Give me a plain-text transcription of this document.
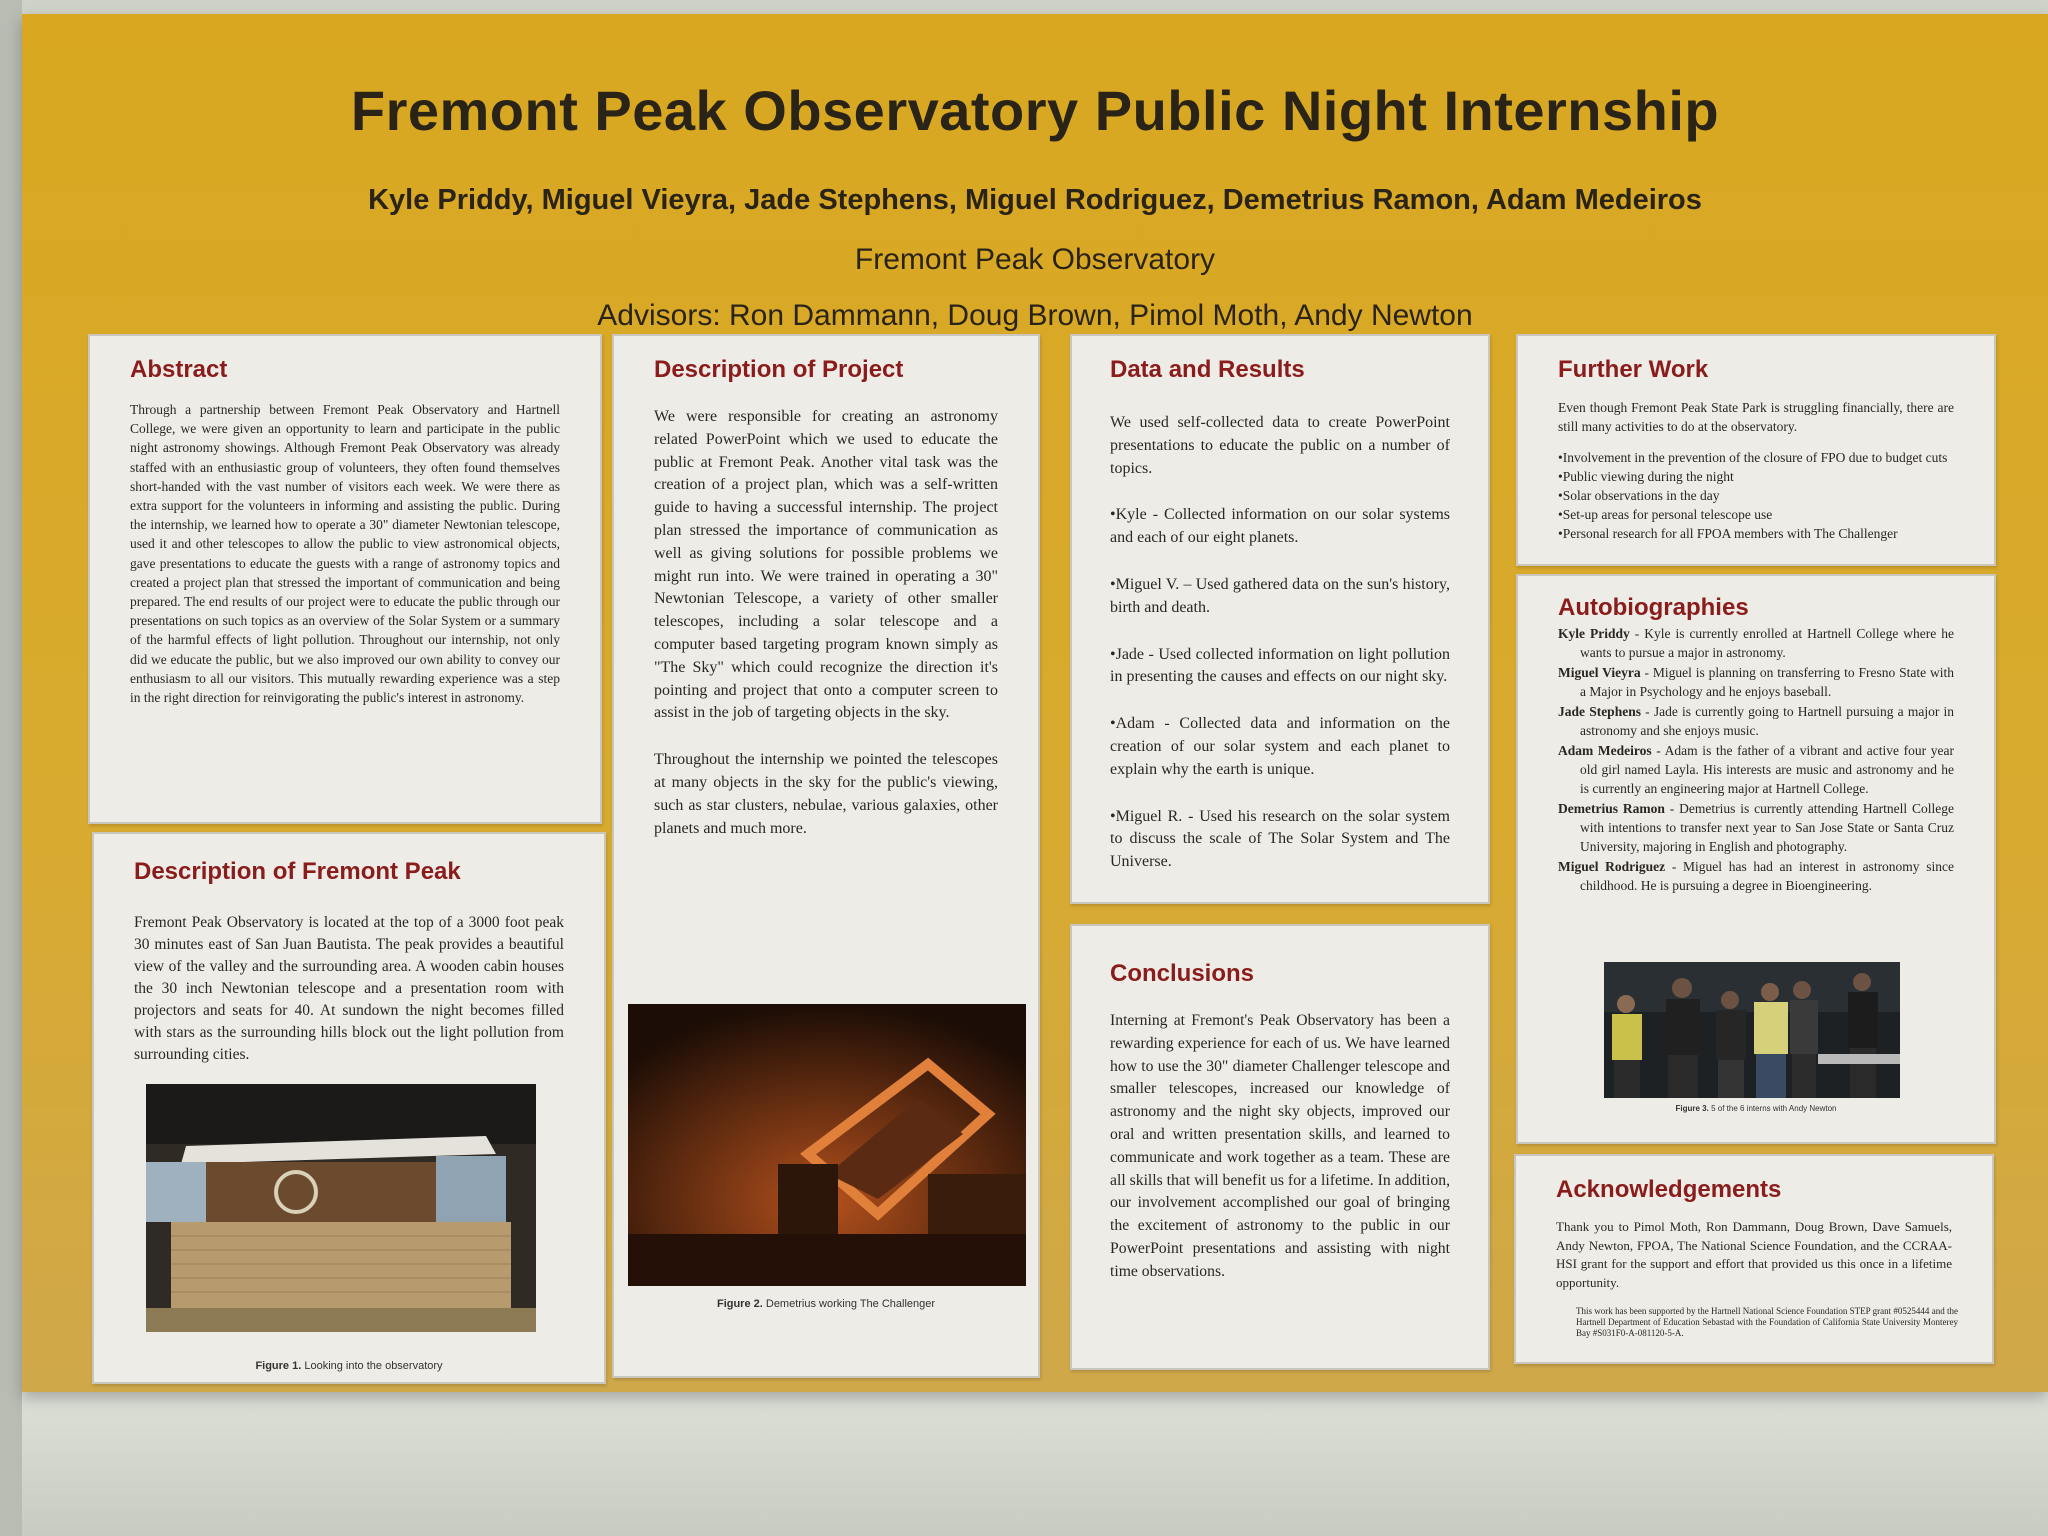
Fremont Peak Observatory Public Night Internship
Kyle Priddy, Miguel Vieyra, Jade Stephens, Miguel Rodriguez, Demetrius Ramon, Adam Medeiros
Fremont Peak Observatory
Advisors: Ron Dammann, Doug Brown, Pimol Moth, Andy Newton
Abstract
Through a partnership between Fremont Peak Observatory and Hartnell College, we were given an opportunity to learn and participate in the public night astronomy showings. Although Fremont Peak Observatory was already staffed with an enthusiastic group of volunteers, they often found themselves short-handed with the vast number of visitors each week. We were there as extra support for the volunteers in informing and assisting the public. During the internship, we learned how to operate a 30" diameter Newtonian telescope, used it and other telescopes to allow the public to view astronomical objects, gave presentations to educate the guests with a range of astronomy topics and created a project plan that stressed the important of communication and being prepared. The end results of our project were to educate the public through our presentations on such topics as an overview of the Solar System or a summary of the harmful effects of light pollution. Throughout our internship, not only did we educate the public, but we also improved our own ability to convey our enthusiasm to all our visitors. This mutually rewarding experience was a step in the right direction for reinvigorating the public's interest in astronomy.
Description of Fremont Peak
Fremont Peak Observatory is located at the top of a 3000 foot peak 30 minutes east of San Juan Bautista. The peak provides a beautiful view of the valley and the surrounding area. A wooden cabin houses the 30 inch Newtonian telescope and a presentation room with projectors and seats for 40. At sundown the night becomes filled with stars as the surrounding hills block out the light pollution from surrounding cities.
Figure 1. Looking into the observatory
Description of Project

We were responsible for creating an astronomy related PowerPoint which we used to educate the public at Fremont Peak. Another vital task was the creation of a project plan, which was a self-written guide to having a successful internship. The project plan stressed the importance of communication as well as giving solutions for possible problems we might run into. We were trained in operating a 30" Newtonian Telescope, a variety of other smaller telescopes, including a solar telescope and a computer based targeting program known simply as "The Sky" which could recognize the direction it's pointing and project that onto a computer screen to assist in the job of targeting objects in the sky.

Throughout the internship we pointed the telescopes at many objects in the sky for the public's viewing, such as star clusters, nebulae, various galaxies, other planets and much more.

Figure 2. Demetrius working The Challenger
Data and Results

We used self-collected data to create PowerPoint presentations to educate the public on a number of topics.

•Kyle - Collected information on our solar systems and each of our eight planets.

•Miguel V. – Used gathered data on the sun's history, birth and death.

•Jade - Used collected information on light pollution in presenting the causes and effects on our night sky.

•Adam - Collected data and information on the creation of our solar system and each planet to explain why the earth is unique.

•Miguel R. - Used his research on the solar system to discuss the scale of The Solar System and The Universe.

Conclusions
Interning at Fremont's Peak Observatory has been a rewarding experience for each of us. We have learned how to use the 30" diameter Challenger telescope and smaller telescopes, increased our knowledge of astronomy and the night sky objects, improved our oral and written presentation skills, and learned to communicate and work together as a team. These are all skills that will benefit us for a lifetime. In addition, our involvement accomplished our goal of bringing the excitement of astronomy to the public in our PowerPoint presentations and assisting with night time observations.
Further Work

Even though Fremont Peak State Park is struggling financially, there are still many activities to do at the observatory.

•Involvement in the prevention of the closure of FPO due to budget cuts
•Public viewing during the night
•Solar observations in the day
•Set-up areas for personal telescope use
•Personal research for all FPOA members with The Challenger
Autobiographies
Kyle Priddy - Kyle is currently enrolled at Hartnell College where he wants to pursue a major in astronomy.
Miguel Vieyra - Miguel is planning on transferring to Fresno State with a Major in Psychology and he enjoys baseball.
Jade Stephens - Jade is currently going to Hartnell pursuing a major in astronomy and she enjoys music.
Adam Medeiros - Adam is the father of a vibrant and active four year old girl named Layla. His interests are music and astronomy and he is currently an engineering major at Hartnell College.
Demetrius Ramon - Demetrius is currently attending Hartnell College with intentions to transfer next year to San Jose State or Santa Cruz University, majoring in English and photography.
Miguel Rodriguez - Miguel has had an interest in astronomy since childhood. He is pursuing a degree in Bioengineering.
Figure 3. 5 of the 6 interns with Andy Newton
Acknowledgements
Thank you to Pimol Moth, Ron Dammann, Doug Brown, Dave Samuels, Andy Newton, FPOA, The National Science Foundation, and the CCRAA-HSI grant for the support and effort that provided us this once in a lifetime opportunity.
This work has been supported by the Hartnell National Science Foundation STEP grant #0525444 and the Hartnell Department of Education Sebastad with the Foundation of California State University Monterey Bay #S031F0-A-081120-5-A.
